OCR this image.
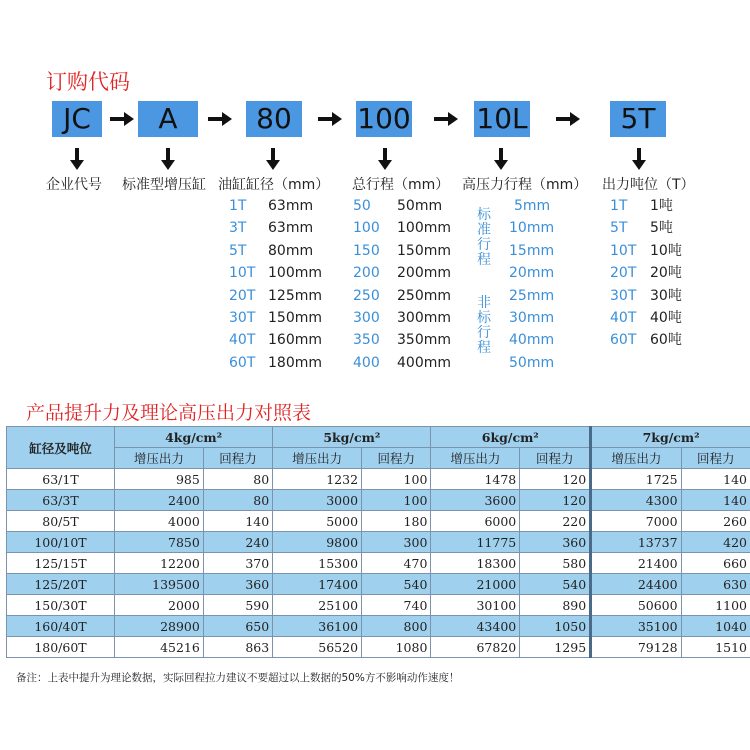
订购代码
JC	A	80	100 10L	5T
企业代号 标准型增压缸 油缸缸径（mm） 总行程（mm） 高压力行程（mm） 出力吨位（T）
1T 63mm
3T 63mm
5T 80mm
10T 100mm
20T 125mm
30T 150mm
40T 160mm
60T 180mm
50 50mm
100 100mm
150 150mm
200 200mm
250 250mm
300 300mm
350 350mm
400 400mm
5mm
10mm
15mm
20mm
25mm
30mm
40mm
50mm
1T 1吨
5T 5吨
10T 10吨
20T 20吨
30T 30吨
40T 40吨
60T 60吨
标
准
行
程
非
标
行
程
产品提升力及理论高压出力对照表
缸径及吨位	4kg/cm²		5kg/cm²		6kg/cm²		7kg/cm²	
	增压出力	回程力	增压出力	回程力	增压出力	回程力	增压出力	回程力
63/1T	985	80	1232	100	1478	120	1725	140
63/3T	2400	80	3000	100	3600	120	4300	140
80/5T	4000	140	5000	180	6000	220	7000	260
100/10T	7850	240	9800	300	11775	360	13737	420
125/15T	12200	370	15300	470	18300	580	21400	660
125/20T	139500	360	17400	540	21000	540	24400	630
150/30T	2000	590	25100	740	30100	890	50600	1100
160/40T	28900	650	36100	800	43400	1050	35100	1040
180/60T	45216	863	56520	1080	67820	1295	79128	1510
备注：上表中提升为理论数据，实际回程拉力建议不要超过以上数据的50%方不影响动作速度！
